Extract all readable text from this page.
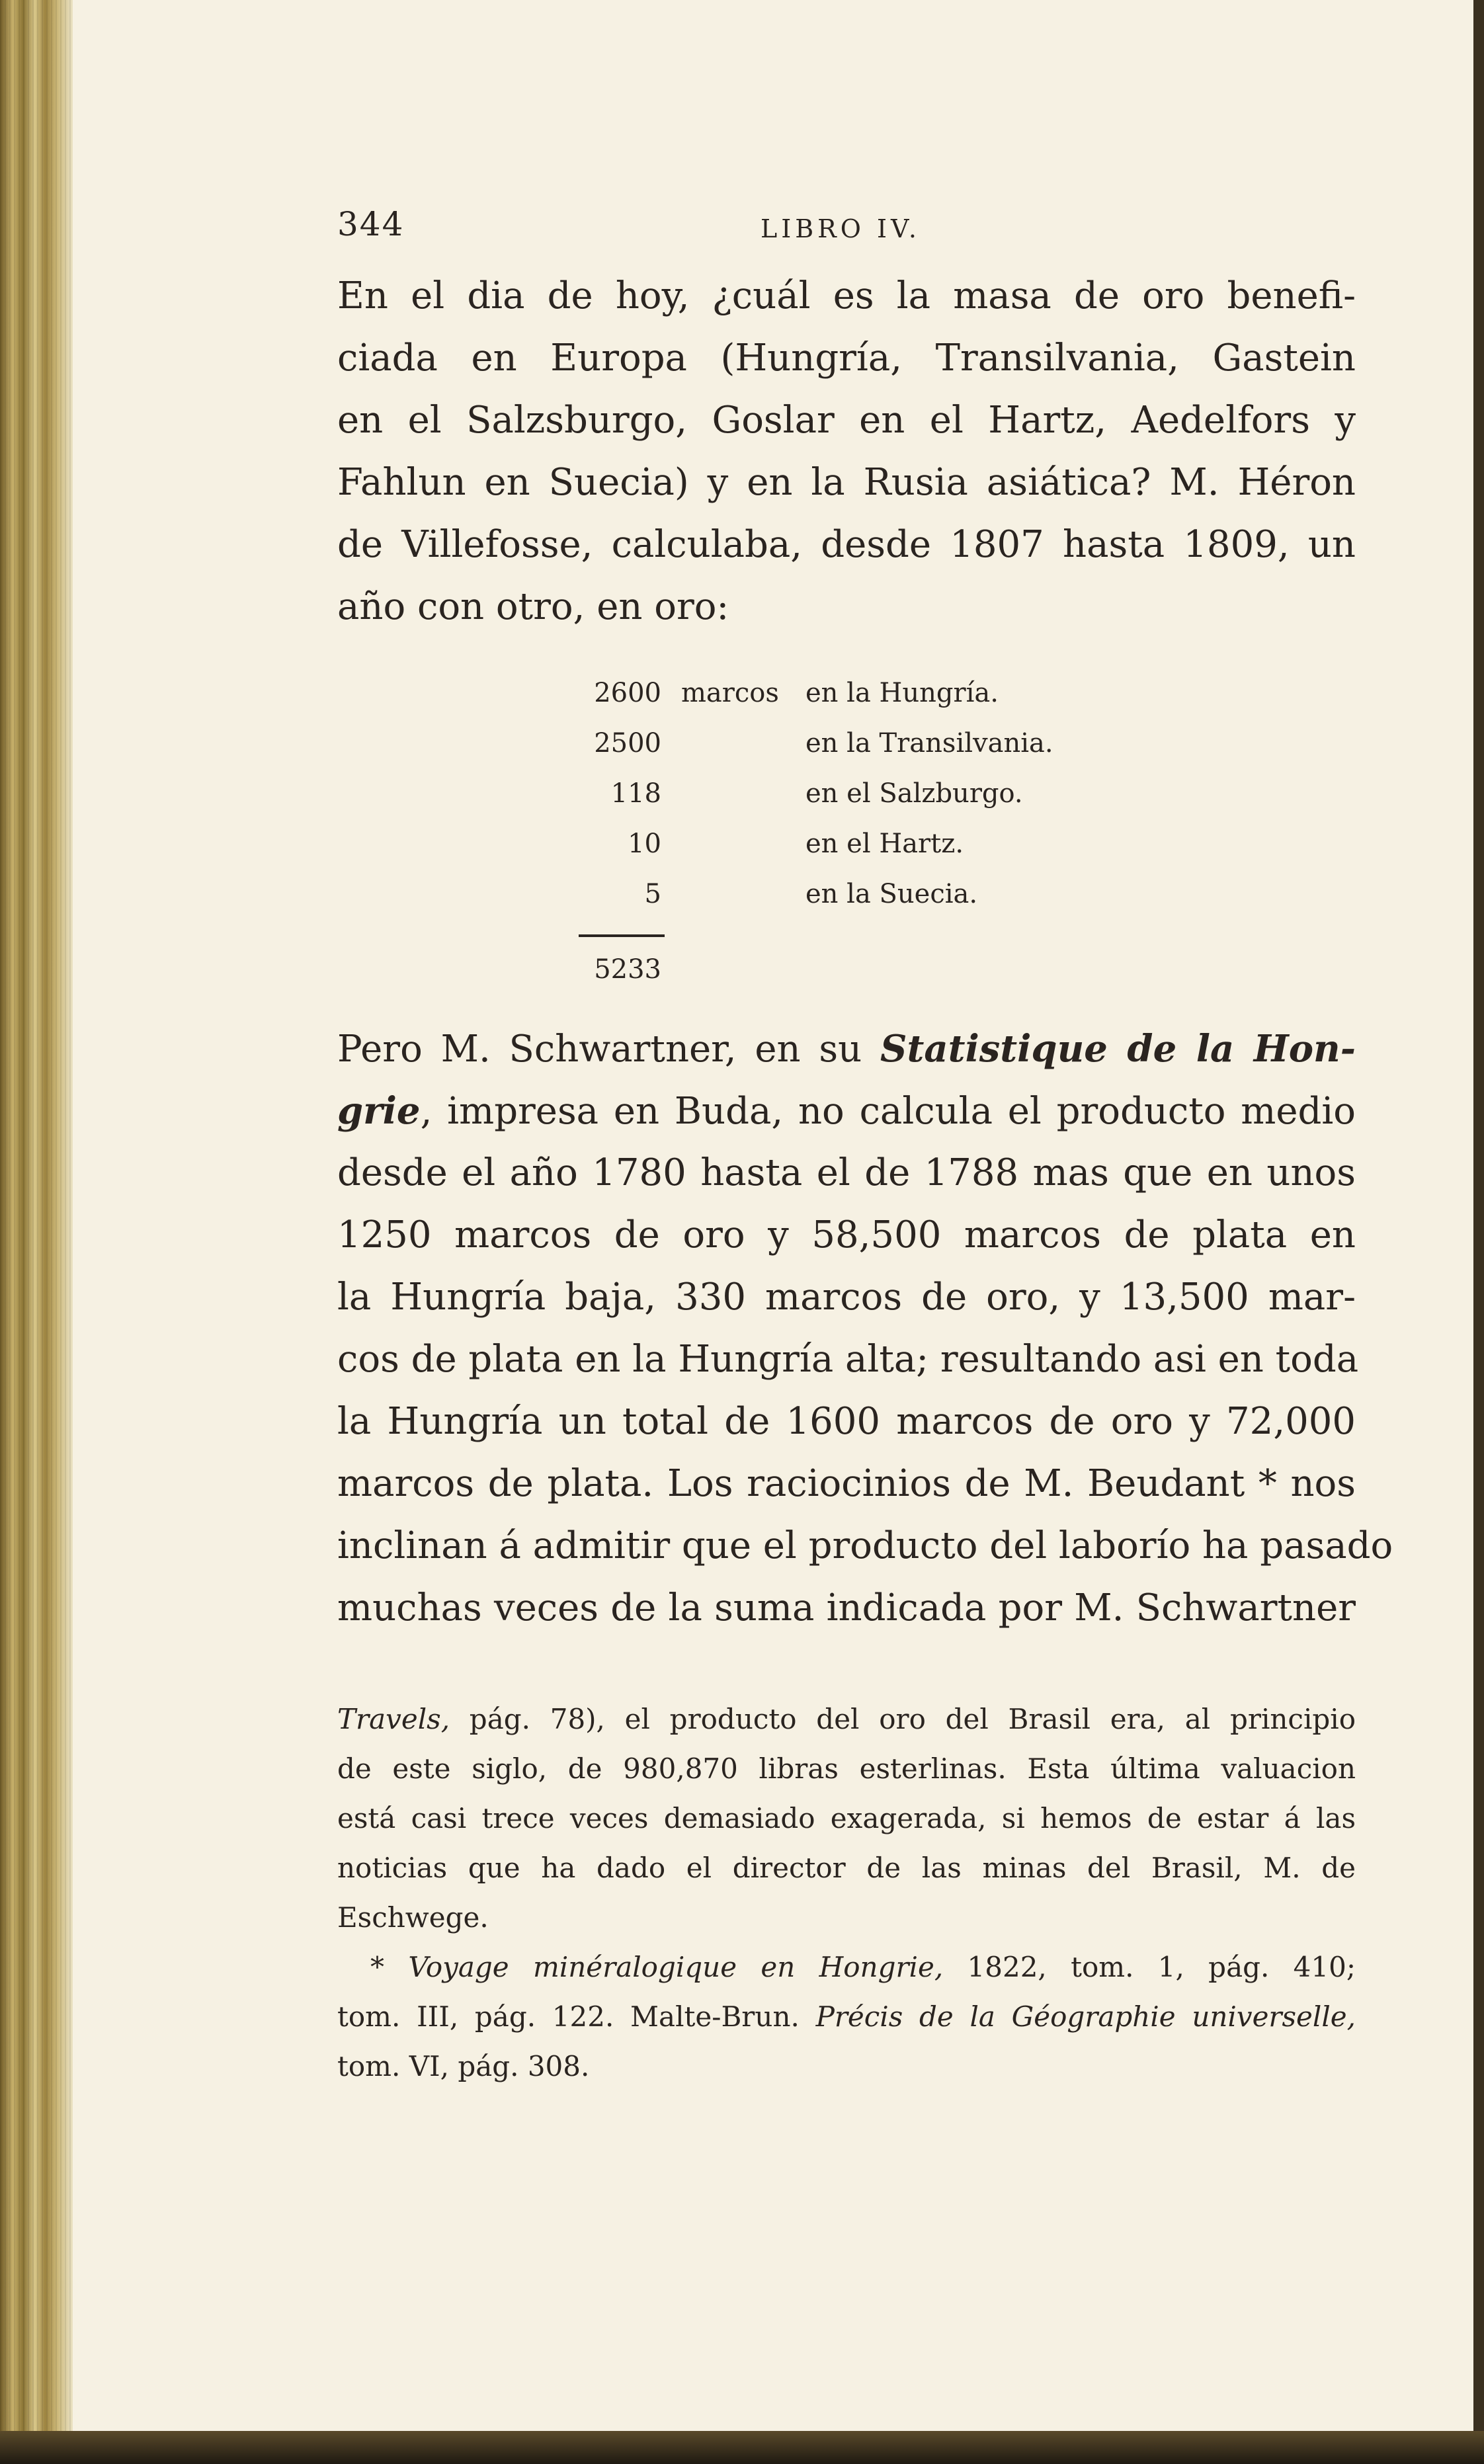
344	LIBRO IV.
En el dia de hoy, ¿cuál es la masa de oro benefi-
ciada en Europa (Hungría, Transilvania, Gastein
en el Salzsburgo, Goslar en el Hartz, Aedelfors y
Fahlun en Suecia) y en la Rusia asiática? M. Héron
de Villefosse, calculaba, desde 1807 hasta 1809, un
año con otro, en oro:
2600 marcos en la Hungría.
2500	en la Transilvania.
118	en el Salzburgo.
10	en el Hartz.
5	en la Suecia.
5233
Pero M. Schwartner, en su Statistique de la Hon-
grie, impresa en Buda, no calcula el producto medio
desde el año 1780 hasta el de 1788 mas que en unos
1250 marcos de oro y 58,500 marcos de plata en
la Hungría baja, 330 marcos de oro, y 13,500 mar-
cos de plata en la Hungría alta; resultando asi en toda
la Hungría un total de 1600 marcos de oro y 72,000
marcos de plata. Los raciocinios de M. Beudant * nos
inclinan á admitir que el producto del laborío ha pasado
muchas veces de la suma indicada por M. Schwartner
Travels, pág. 78), el producto del oro del Brasil era, al principio
de este siglo, de 980,870 libras esterlinas. Esta última valuacion
está casi trece veces demasiado exagerada, si hemos de estar á las
noticias que ha dado el director de las minas del Brasil, M. de
Eschwege.
* Voyage minéralogique en Hongrie, 1822, tom. 1, pág. 410;
tom. III, pág. 122. Malte-Brun. Précis de la Géographie universelle,
tom. VI, pág. 308.
